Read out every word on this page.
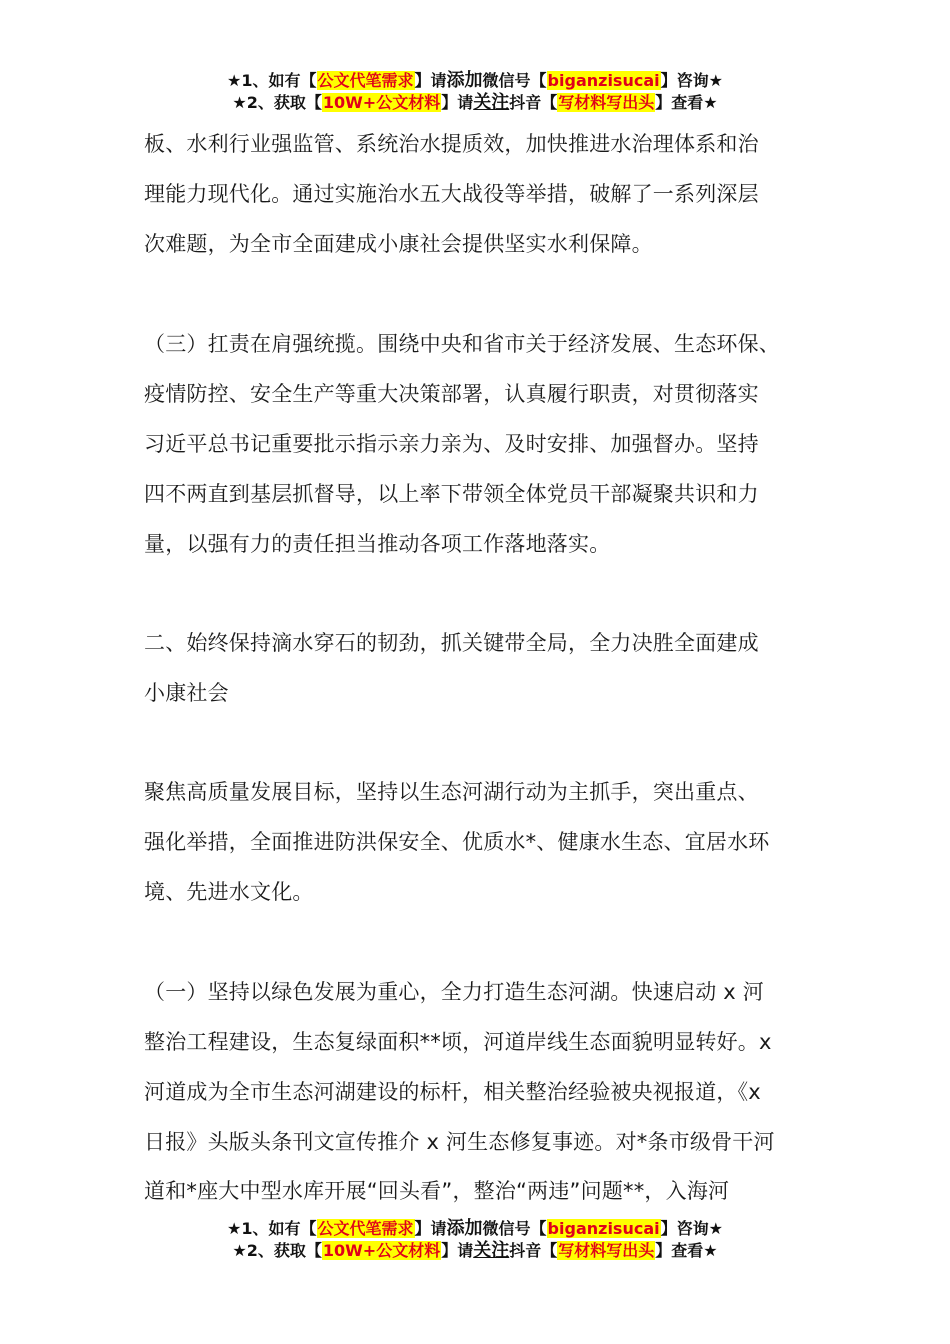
★1、如有【公文代笔需求】请添加微信号【biganzisucai】咨询★
★2、获取【10W+公文材料】请关注抖音【写材料写出头】查看★
板、水利行业强监管、系统治水提质效，加快推进水治理体系和治
理能力现代化。通过实施治水五大战役等举措，破解了一系列深层
次难题，为全市全面建成小康社会提供坚实水利保障。
（三）扛责在肩强统揽。围绕中央和省市关于经济发展、生态环保、
疫情防控、安全生产等重大决策部署，认真履行职责，对贯彻落实
习近平总书记重要批示指示亲力亲为、及时安排、加强督办。坚持
四不两直到基层抓督导，以上率下带领全体党员干部凝聚共识和力
量，以强有力的责任担当推动各项工作落地落实。
二、始终保持滴水穿石的韧劲，抓关键带全局，全力决胜全面建成
小康社会
聚焦高质量发展目标，坚持以生态河湖行动为主抓手，突出重点、
强化举措，全面推进防洪保安全、优质水*、健康水生态、宜居水环
境、先进水文化。
（一）坚持以绿色发展为重心，全力打造生态河湖。快速启动 x 河
整治工程建设，生态复绿面积**顷，河道岸线生态面貌明显转好。x
河道成为全市生态河湖建设的标杆，相关整治经验被央视报道，《x
日报》头版头条刊文宣传推介 x 河生态修复事迹。对*条市级骨干河
道和*座大中型水库开展“回头看”，整治“两违”问题**，入海河
★1、如有【公文代笔需求】请添加微信号【biganzisucai】咨询★
★2、获取【10W+公文材料】请关注抖音【写材料写出头】查看★
